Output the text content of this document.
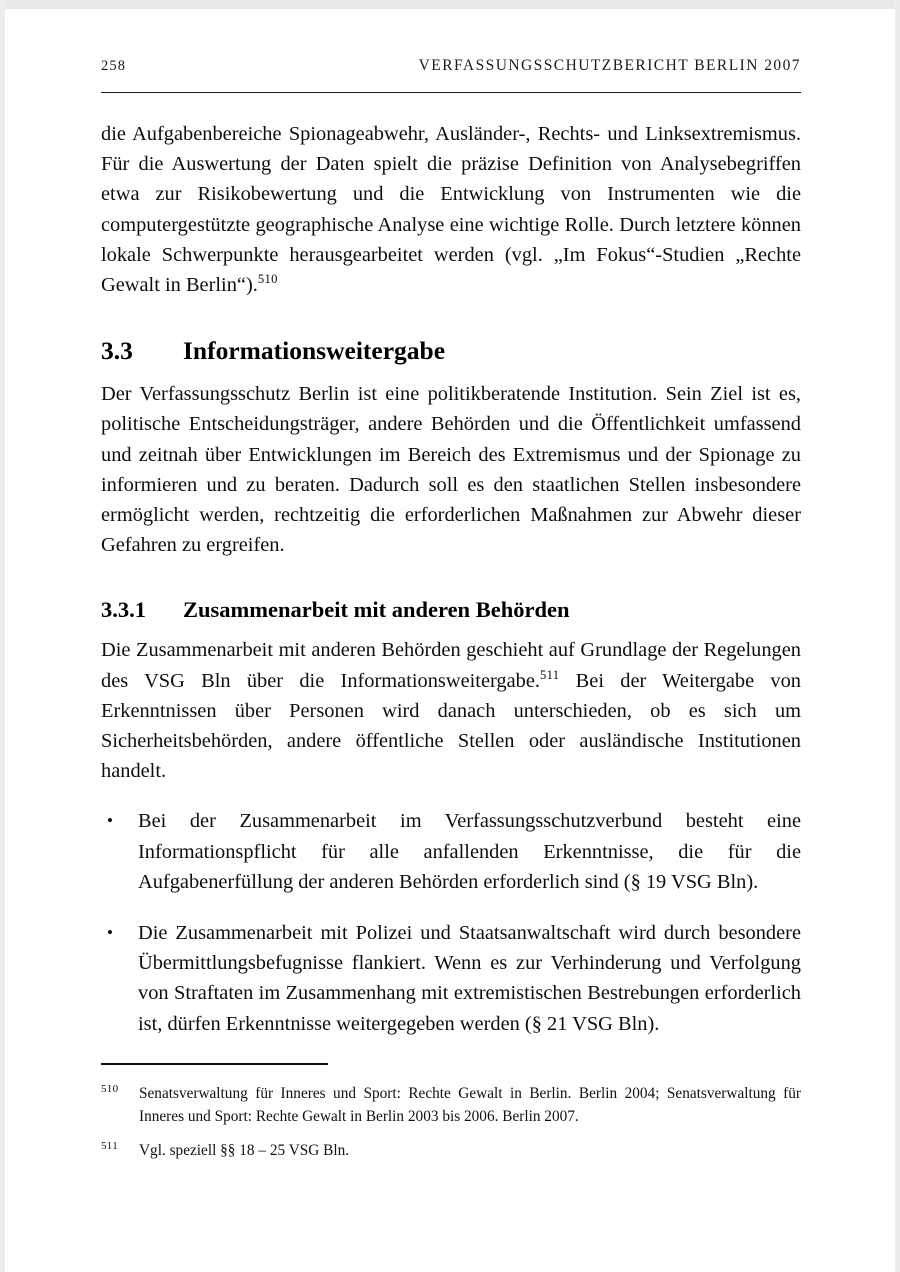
258	VERFASSUNGSSCHUTZBERICHT BERLIN 2007

die Aufgabenbereiche Spionageabwehr, Ausländer-, Rechts- und Linksextremismus. Für die Auswertung der Daten spielt die präzise Definition von Analysebegriffen etwa zur Risikobewertung und die Entwicklung von Instrumenten wie die computergestützte geographische Analyse eine wichtige Rolle. Durch letztere können lokale Schwerpunkte herausgearbeitet werden (vgl. „Im Fokus“-Studien „Rechte Gewalt in Berlin“).$^{510}$

3.3	Informationsweitergabe

Der Verfassungsschutz Berlin ist eine politikberatende Institution. Sein Ziel ist es, politische Entscheidungsträger, andere Behörden und die Öffentlichkeit umfassend und zeitnah über Entwicklungen im Bereich des Extremismus und der Spionage zu informieren und zu beraten. Dadurch soll es den staatlichen Stellen insbesondere ermöglicht werden, rechtzeitig die erforderlichen Maßnahmen zur Abwehr dieser Gefahren zu ergreifen.

3.3.1	Zusammenarbeit mit anderen Behörden

Die Zusammenarbeit mit anderen Behörden geschieht auf Grundlage der Regelungen des VSG Bln über die Informationsweitergabe.$^{511}$ Bei der Weitergabe von Erkenntnissen über Personen wird danach unterschieden, ob es sich um Sicherheitsbehörden, andere öffentliche Stellen oder ausländische Institutionen handelt.

• Bei der Zusammenarbeit im Verfassungsschutzverbund besteht eine Informationspflicht für alle anfallenden Erkenntnisse, die für die Aufgabenerfüllung der anderen Behörden erforderlich sind (§ 19 VSG Bln).
• Die Zusammenarbeit mit Polizei und Staatsanwaltschaft wird durch besondere Übermittlungsbefugnisse flankiert. Wenn es zur Verhinderung und Verfolgung von Straftaten im Zusammenhang mit extremistischen Bestrebungen erforderlich ist, dürfen Erkenntnisse weitergegeben werden (§ 21 VSG Bln).
510 Senatsverwaltung für Inneres und Sport: Rechte Gewalt in Berlin. Berlin 2004; Senatsverwaltung für Inneres und Sport: Rechte Gewalt in Berlin 2003 bis 2006. Berlin 2007.
511 Vgl. speziell §§ 18 – 25 VSG Bln.
